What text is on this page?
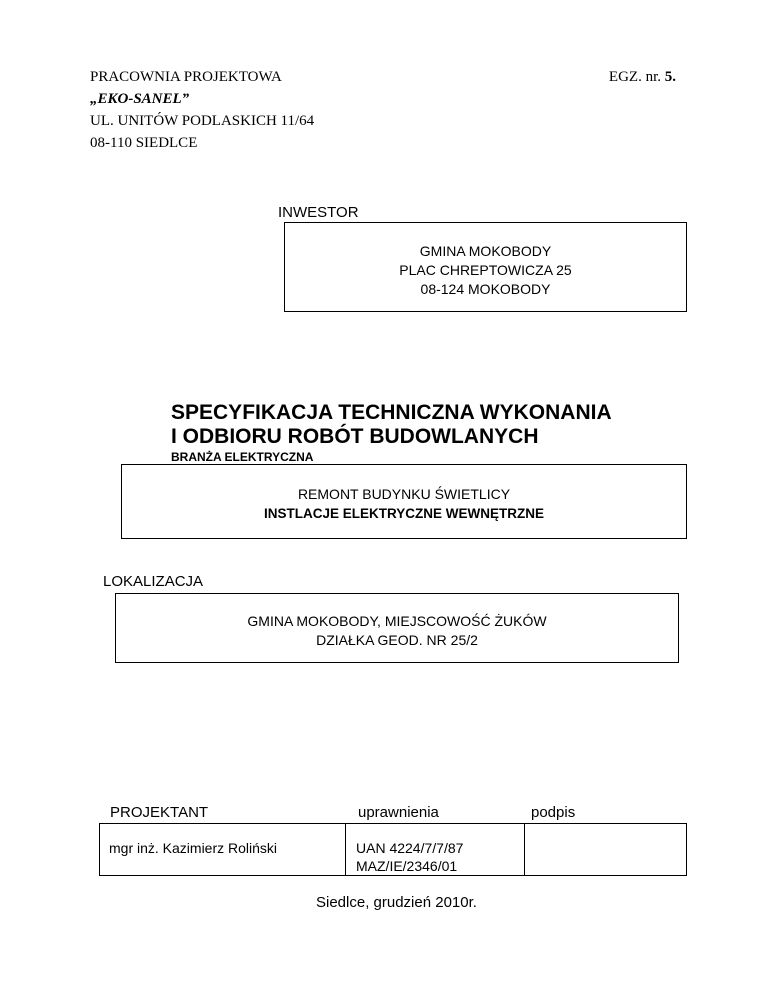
PRACOWNIA PROJEKTOWA
„EKO-SANEL”
UL. UNITÓW PODLASKICH 11/64
08-110 SIEDLCE
EGZ. nr. 5.
INWESTOR
GMINA MOKOBODY
PLAC CHREPTOWICZA 25
08-124 MOKOBODY
SPECYFIKACJA TECHNICZNA WYKONANIA
I ODBIORU ROBÓT BUDOWLANYCH
BRANŻA ELEKTRYCZNA
REMONT BUDYNKU ŚWIETLICY
INSTLACJE ELEKTRYCZNE WEWNĘTRZNE
LOKALIZACJA
GMINA MOKOBODY, MIEJSCOWOŚĆ ŻUKÓW
DZIAŁKA GEOD. NR 25/2
PROJEKTANT	uprawnienia	podpis
mgr inż. Kazimierz Roliński	UAN 4224/7/7/87
MAZ/IE/2346/01
Siedlce, grudzień 2010r.
